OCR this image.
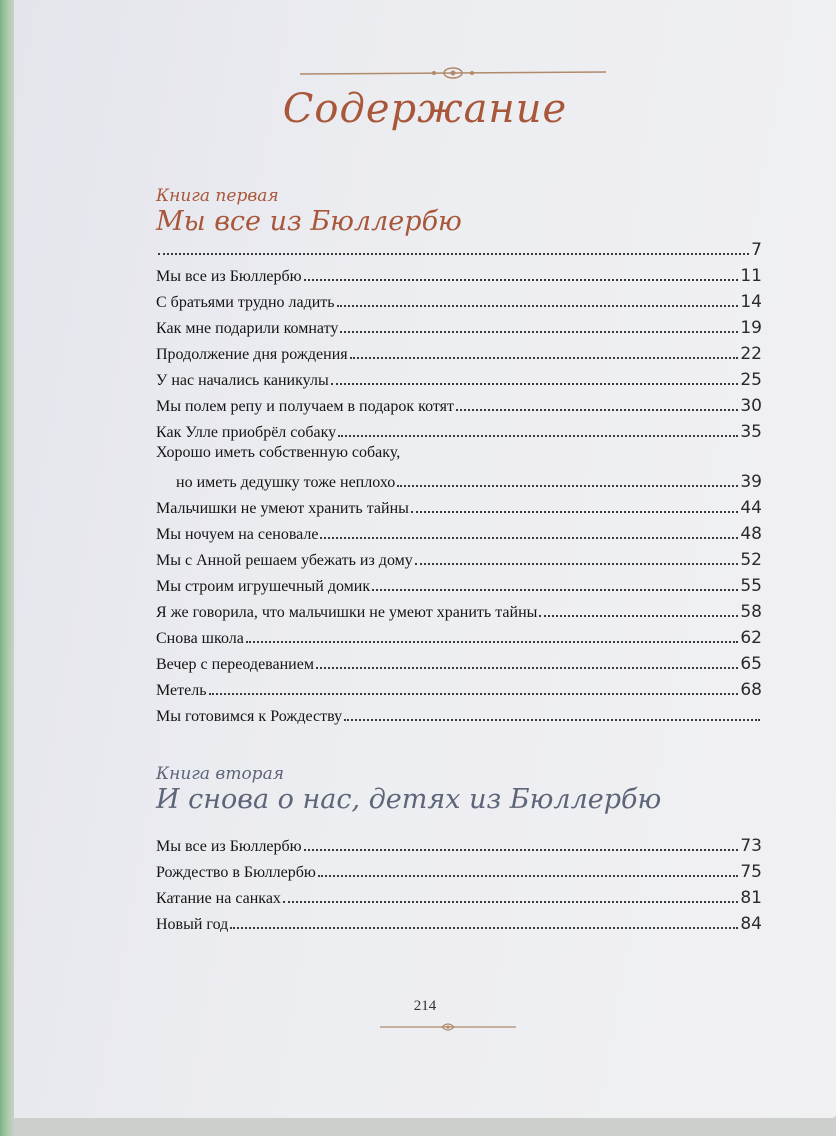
Содержание
Книга первая
Мы все из Бюллербю
7
Мы все из Бюллербю	11
С братьями трудно ладить	14
Как мне подарили комнату	19
Продолжение дня рождения	22
У нас начались каникулы	25
Мы полем репу и получаем в подарок котят	30
Как Улле приобрёл собаку	35
Хорошо иметь собственную собаку,
но иметь дедушку тоже неплохо	39
Мальчишки не умеют хранить тайны	44
Мы ночуем на сеновале	48
Мы с Анной решаем убежать из дому	52
Мы строим игрушечный домик	55
Я же говорила, что мальчишки не умеют хранить тайны	58
Снова школа	62
Вечер с переодеванием	65
Метель	68
Мы готовимся к Рождеству
Книга вторая
И снова о нас, детях из Бюллербю
Мы все из Бюллербю	73
Рождество в Бюллербю	75
Катание на санках	81
Новый год	84

214
